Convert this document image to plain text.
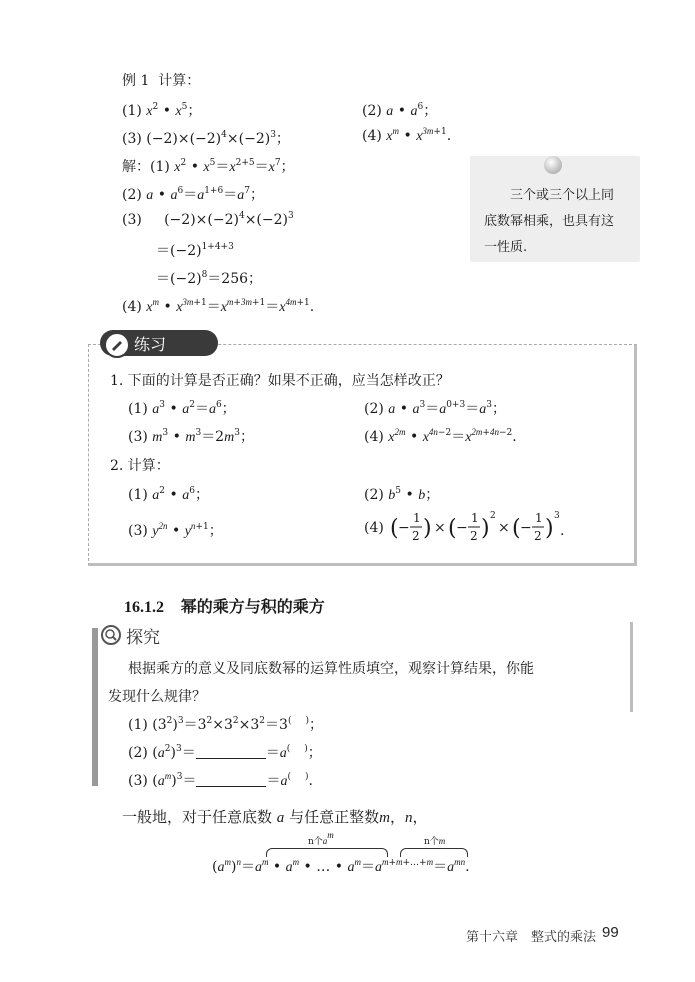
例 1 计算：
(1) $x^2$ • $x^5$；	(2) a • $a^6$；
(3) $(-2)\times(-2)^4\times(-2)^3$；	(4) $x^m$ • $x^{3m+1}$.
解：(1) $x^2$ • $x^5=x^{2+5}=x^7$；
(2) a • $a^6=a^{1+6}=a^7$；
(3)     $(-2)\times(-2)^4\times(-2)^3$
$=(-2)^{1+4+3}$
$=(-2)^8=256$；
(4) $x^m$ • $x^{3m+1}=x^{m+3m+1}=x^{4m+1}$.
三个或三个以上同
底数幂相乘，也具有这
一性质.
练习
1. 下面的计算是否正确？如果不正确，应当怎样改正？
(1) $a^3$ • $a^2=a^6$；	(2) a • $a^3=a^{0+3}=a^3$；
(3) $m^3$ • $m^3=2m^3$；	(4) $x^{2m}$ • $x^{4n-2}=x^{2m+4n-2}$.
2. 计算：
(1) $a^2$ • $a^6$；	(2) $b^5$ • b；
(3) $y^{2n}$ • $y^{n+1}$；	(4) ( −
1
2 ) × ( −
1
2 ) 2
× ( −
1
2 ) 3
.
16.1.2 幂的乘方与积的乘方
探究
根据乘方的意义及同底数幂的运算性质填空，观察计算结果，你能
发现什么规律？
(1) $(3^2)^3=3^2\times 3^2\times 3^2=3^{( )}$；
(2) $(a^2)^3=$	＝a( )；
(3) $(a^m)^3=$	＝a( ).
一般地，对于任意底数 a 与任意正整数m，n，
$(a^m)^n=a^m$ • $a^m$ • … • $a^m=a^{m+m+\dots+m}=a^{mn}$.
n个$a^m$
n个m
第十六章　整式的乘法 99
